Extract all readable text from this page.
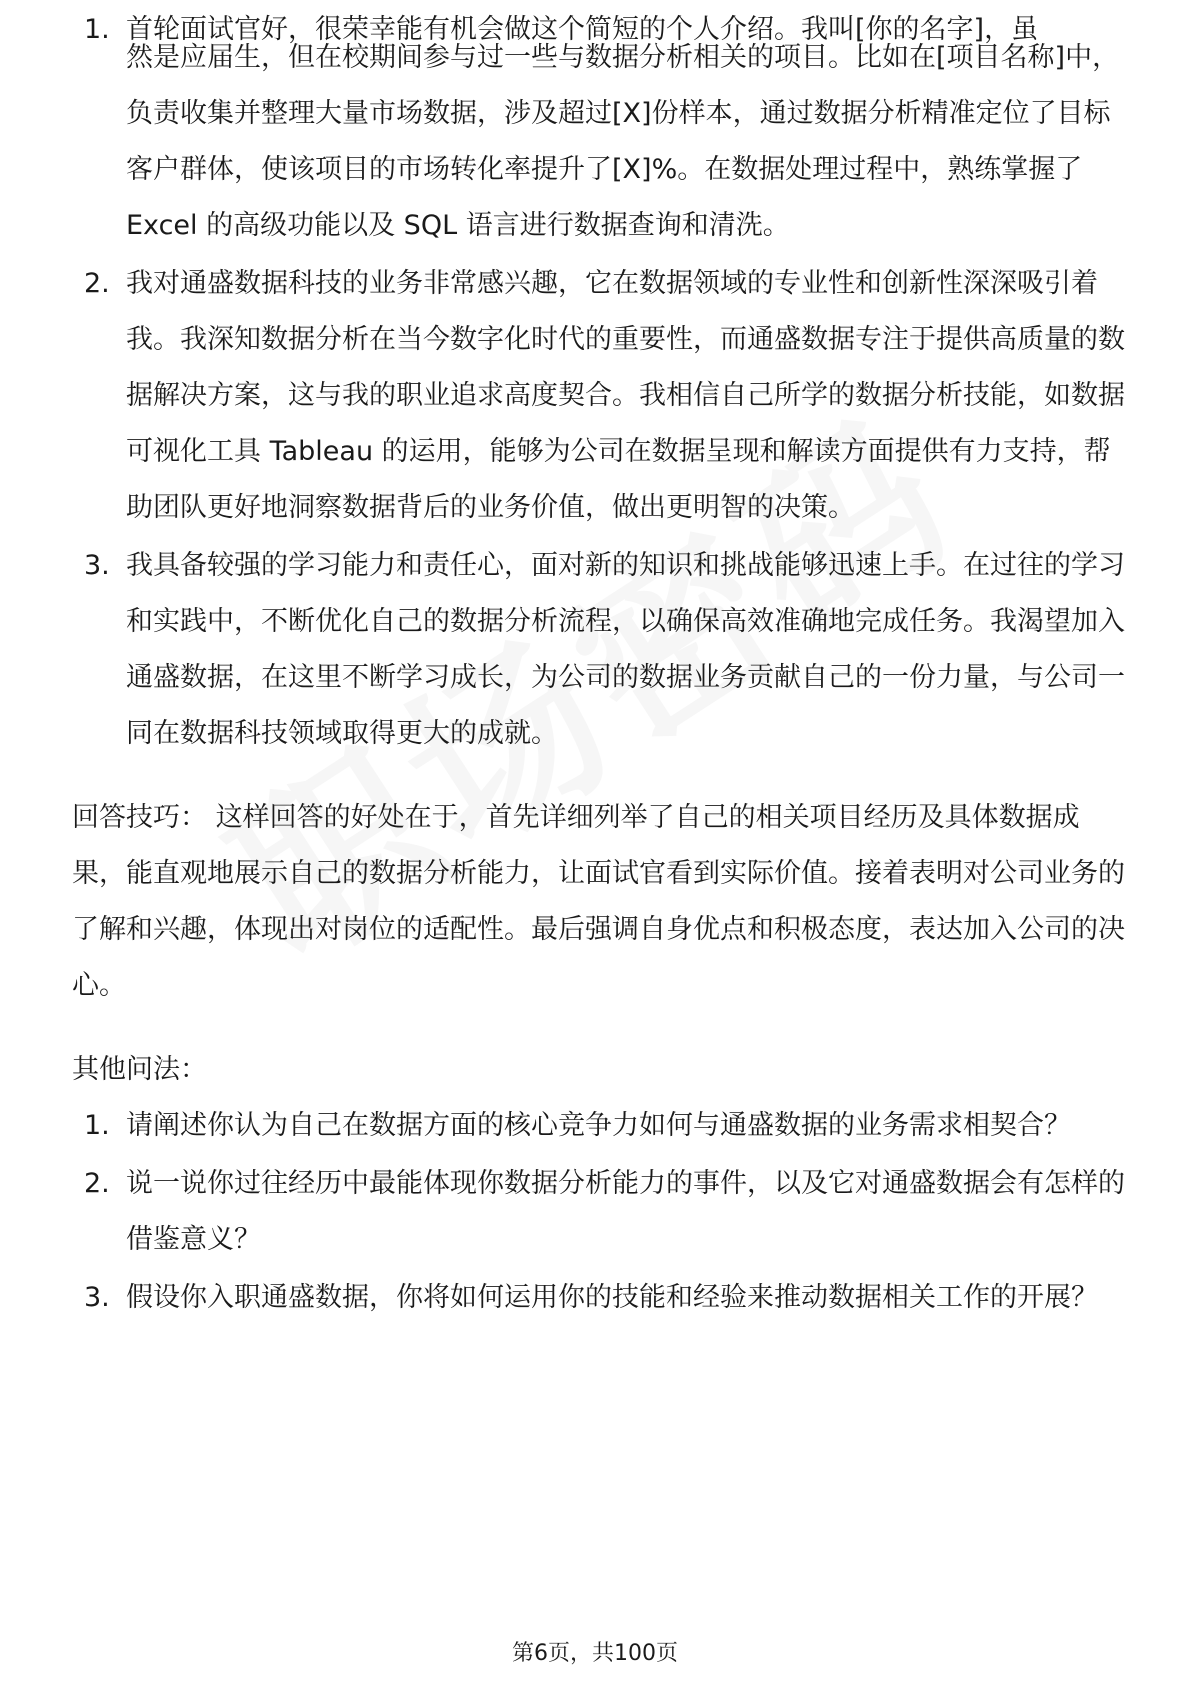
1. 首轮面试官好，很荣幸能有机会做这个简短的个人介绍。我叫[你的名字]，虽
然是应届生，但在校期间参与过一些与数据分析相关的项目。比如在[项目名称]中，负责收集并整理大量市场数据，涉及超过[X]份样本，通过数据分析精准定位了目标客户群体，使该项目的市场转化率提升了[X]%。在数据处理过程中，熟练掌握了 Excel 的高级功能以及 SQL 语言进行数据查询和清洗。
2. 我对通盛数据科技的业务非常感兴趣，它在数据领域的专业性和创新性深深吸引着我。我深知数据分析在当今数字化时代的重要性，而通盛数据专注于提供高质量的数据解决方案，这与我的职业追求高度契合。我相信自己所学的数据分析技能，如数据可视化工具 Tableau 的运用，能够为公司在数据呈现和解读方面提供有力支持，帮助团队更好地洞察数据背后的业务价值，做出更明智的决策。
3. 我具备较强的学习能力和责任心，面对新的知识和挑战能够迅速上手。在过往的学习和实践中，不断优化自己的数据分析流程，以确保高效准确地完成任务。我渴望加入通盛数据，在这里不断学习成长，为公司的数据业务贡献自己的一份力量，与公司一同在数据科技领域取得更大的成就。
回答技巧： 这样回答的好处在于，首先详细列举了自己的相关项目经历及具体数据成果，能直观地展示自己的数据分析能力，让面试官看到实际价值。接着表明对公司业务的了解和兴趣，体现出对岗位的适配性。最后强调自身优点和积极态度，表达加入公司的决心。
其他问法：
1. 请阐述你认为自己在数据方面的核心竞争力如何与通盛数据的业务需求相契合？
2. 说一说你过往经历中最能体现你数据分析能力的事件，以及它对通盛数据会有怎样的借鉴意义？
3. 假设你入职通盛数据，你将如何运用你的技能和经验来推动数据相关工作的开展？
第6页，共100页
